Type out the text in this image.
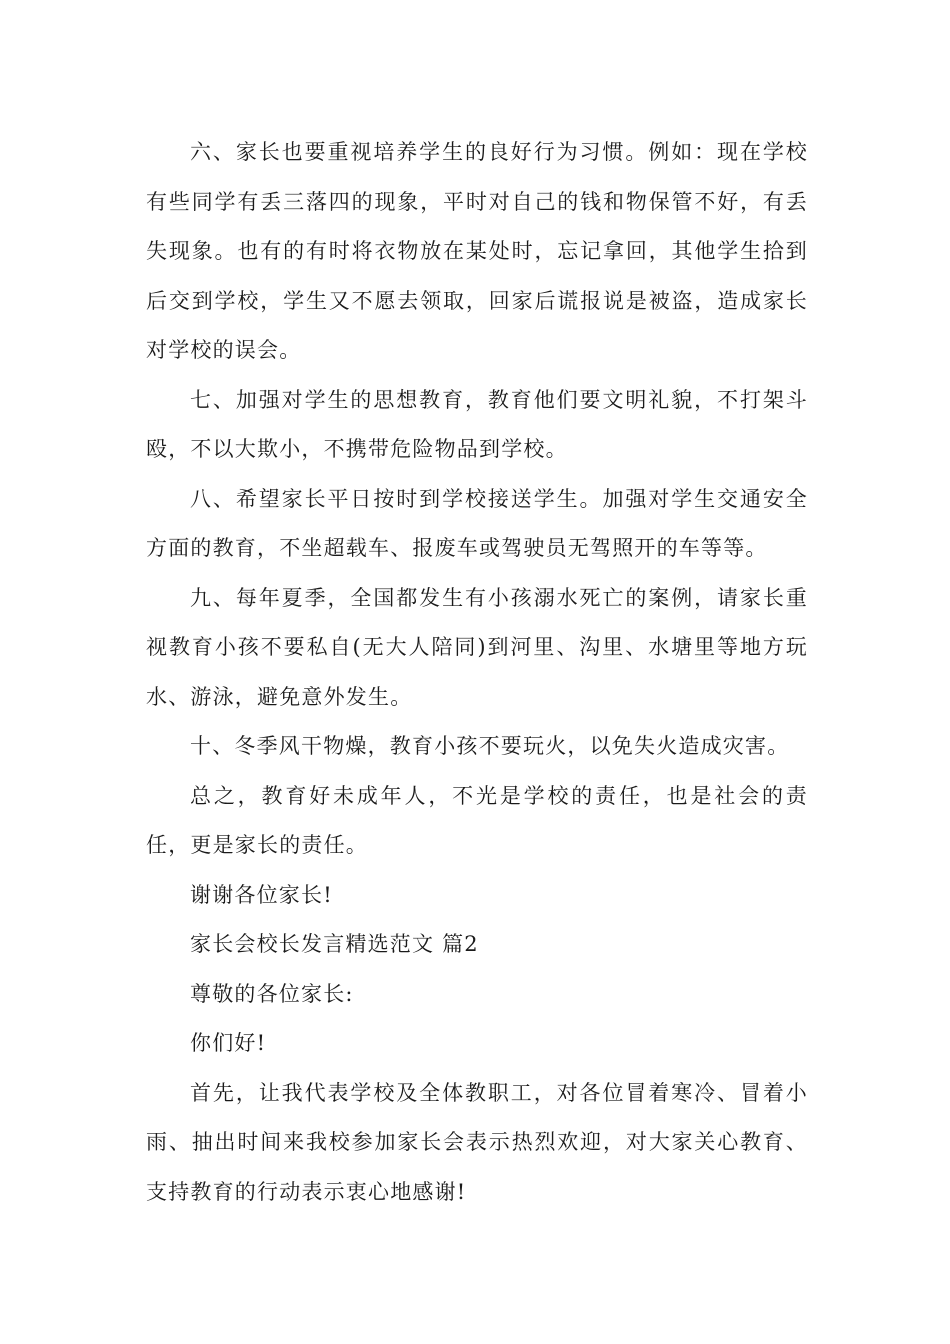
六、家长也要重视培养学生的良好行为习惯。例如：现在学校有些同学有丢三落四的现象，平时对自己的钱和物保管不好，有丢失现象。也有的有时将衣物放在某处时，忘记拿回，其他学生拾到后交到学校，学生又不愿去领取，回家后谎报说是被盗，造成家长对学校的误会。

七、加强对学生的思想教育，教育他们要文明礼貌，不打架斗殴，不以大欺小，不携带危险物品到学校。

八、希望家长平日按时到学校接送学生。加强对学生交通安全方面的教育，不坐超载车、报废车或驾驶员无驾照开的车等等。

九、每年夏季，全国都发生有小孩溺水死亡的案例，请家长重视教育小孩不要私自(无大人陪同)到河里、沟里、水塘里等地方玩水、游泳，避免意外发生。

十、冬季风干物燥，教育小孩不要玩火，以免失火造成灾害。

总之，教育好未成年人，不光是学校的责任，也是社会的责任，更是家长的责任。

谢谢各位家长!

家长会校长发言精选范文 篇2

尊敬的各位家长:

你们好!

首先，让我代表学校及全体教职工，对各位冒着寒冷、冒着小雨、抽出时间来我校参加家长会表示热烈欢迎，对大家关心教育、支持教育的行动表示衷心地感谢!
